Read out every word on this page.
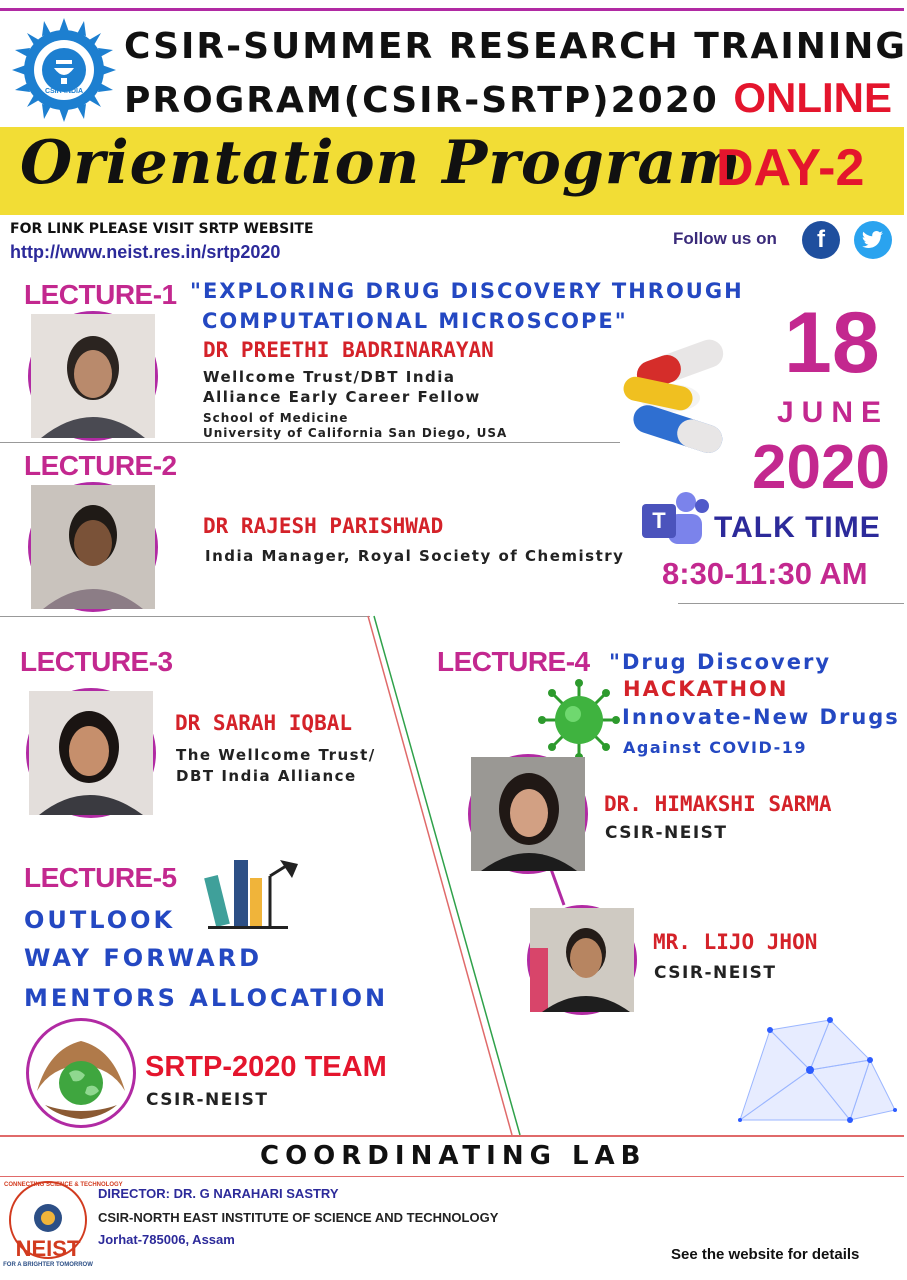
CSIR-INDIA
CSIR-SUMMER RESEARCH TRAINING
PROGRAM(CSIR-SRTP)2020 ONLINE
Orientation Program
DAY-2
FOR LINK PLEASE VISIT SRTP WEBSITE
http://www.neist.res.in/srtp2020
Follow us on	f
LECTURE-1 "EXPLORING DRUG DISCOVERY THROUGH
COMPUTATIONAL MICROSCOPE"
DR PREETHI BADRINARAYAN
Wellcome Trust/DBT India
Alliance Early Career Fellow
School of Medicine
University of California San Diego, USA
18
JUNE
2020
LECTURE-2
DR RAJESH PARISHWAD
India Manager, Royal Society of Chemistry
T	TALK TIME
8:30-11:30 AM
LECTURE-3
DR SARAH IQBAL
The Wellcome Trust/
DBT India Alliance
LECTURE-4 "Drug Discovery
HACKATHON
Innovate-New Drugs
Against COVID-19
DR. HIMAKSHI SARMA
CSIR-NEIST
MR. LIJO JHON
CSIR-NEIST
LECTURE-5
OUTLOOK
WAY FORWARD
MENTORS ALLOCATION
SRTP-2020 TEAM
CSIR-NEIST
COORDINATING LAB
CONNECTING SCIENCE & TECHNOLOGY
NEIST
FOR A BRIGHTER TOMORROW
DIRECTOR: DR. G NARAHARI SASTRY
CSIR-NORTH EAST INSTITUTE OF SCIENCE AND TECHNOLOGY
Jorhat-785006, Assam
See the website for details
